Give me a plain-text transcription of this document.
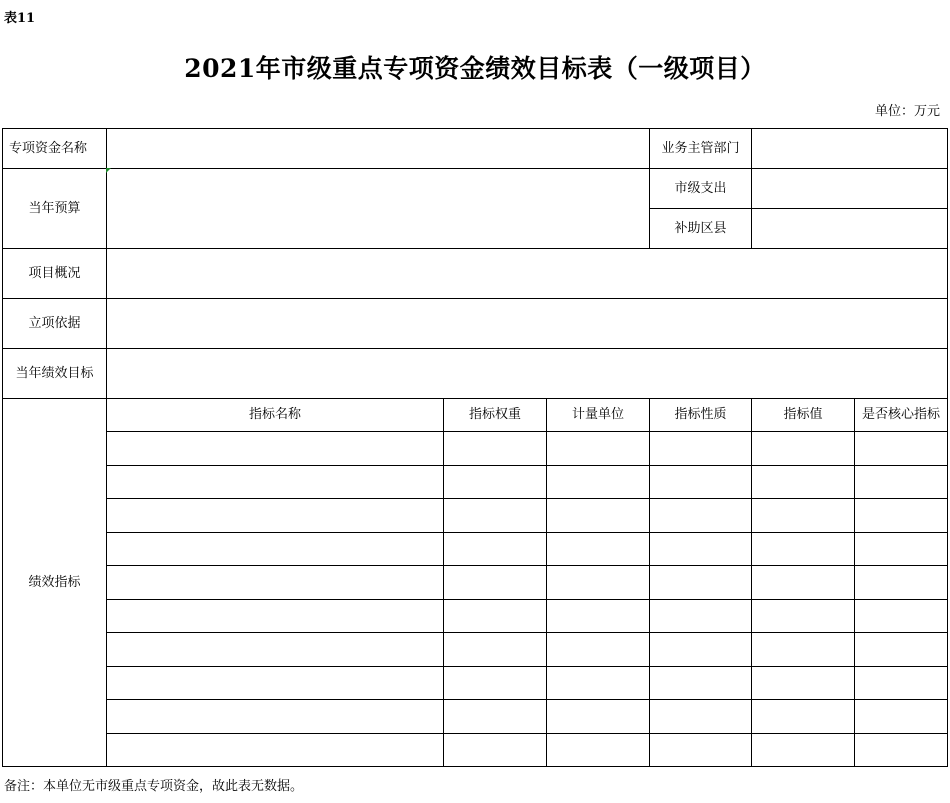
表11
2021年市级重点专项资金绩效目标表（一级项目）
单位：万元
专项资金名称				业务主管部门		
当年预算				市级支出		
				补助区县		
项目概况						
立项依据						
当年绩效目标						
绩效指标	指标名称	指标权重	计量单位	指标性质	指标值	是否核心指标

备注：本单位无市级重点专项资金，故此表无数据。
